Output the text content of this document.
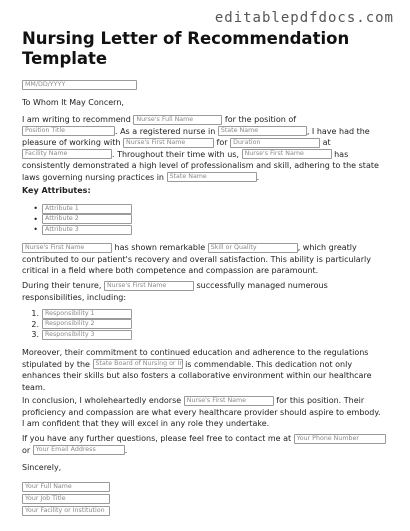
editablepdfdocs.com
Nursing Letter of Recommendation Template
MM/DD/YYYY
To Whom It May Concern,
I am writing to recommend Nurse's Full Name	for the position of
Position Title	. As a registered nurse in State Name	, I have had the
pleasure of working with Nurse's First Name	for Duration	at
Facility Name	. Throughout their time with us, Nurse's First Name	has
consistently demonstrated a high level of professionalism and skill, adhering to the state
laws governing nursing practices in State Name	.
Key Attributes:
• Attribute 1
• Attribute 2
• Attribute 3
Nurse's First Name	has shown remarkable Skill or Quality	, which greatly
contributed to our patient's recovery and overall satisfaction. This ability is particularly
critical in a field where both competence and compassion are paramount.
During their tenure, Nurse's First Name	successfully managed numerous
responsibilities, including:
1. Responsibility 1
2. Responsibility 2
3. Responsibility 3
Moreover, their commitment to continued education and adherence to the regulations
stipulated by the State Board of Nursing or Ir is commendable. This dedication not only
enhances their skills but also fosters a collaborative environment within our healthcare
team.
In conclusion, I wholeheartedly endorse Nurse's First Name	for this position. Their
proficiency and compassion are what every healthcare provider should aspire to embody.
I am confident that they will excel in any role they undertake.
If you have any further questions, please feel free to contact me at Your Phone Number
or Your Email Address	.
Sincerely,
Your Full Name
Your Job Title
Your Facility or Institution
